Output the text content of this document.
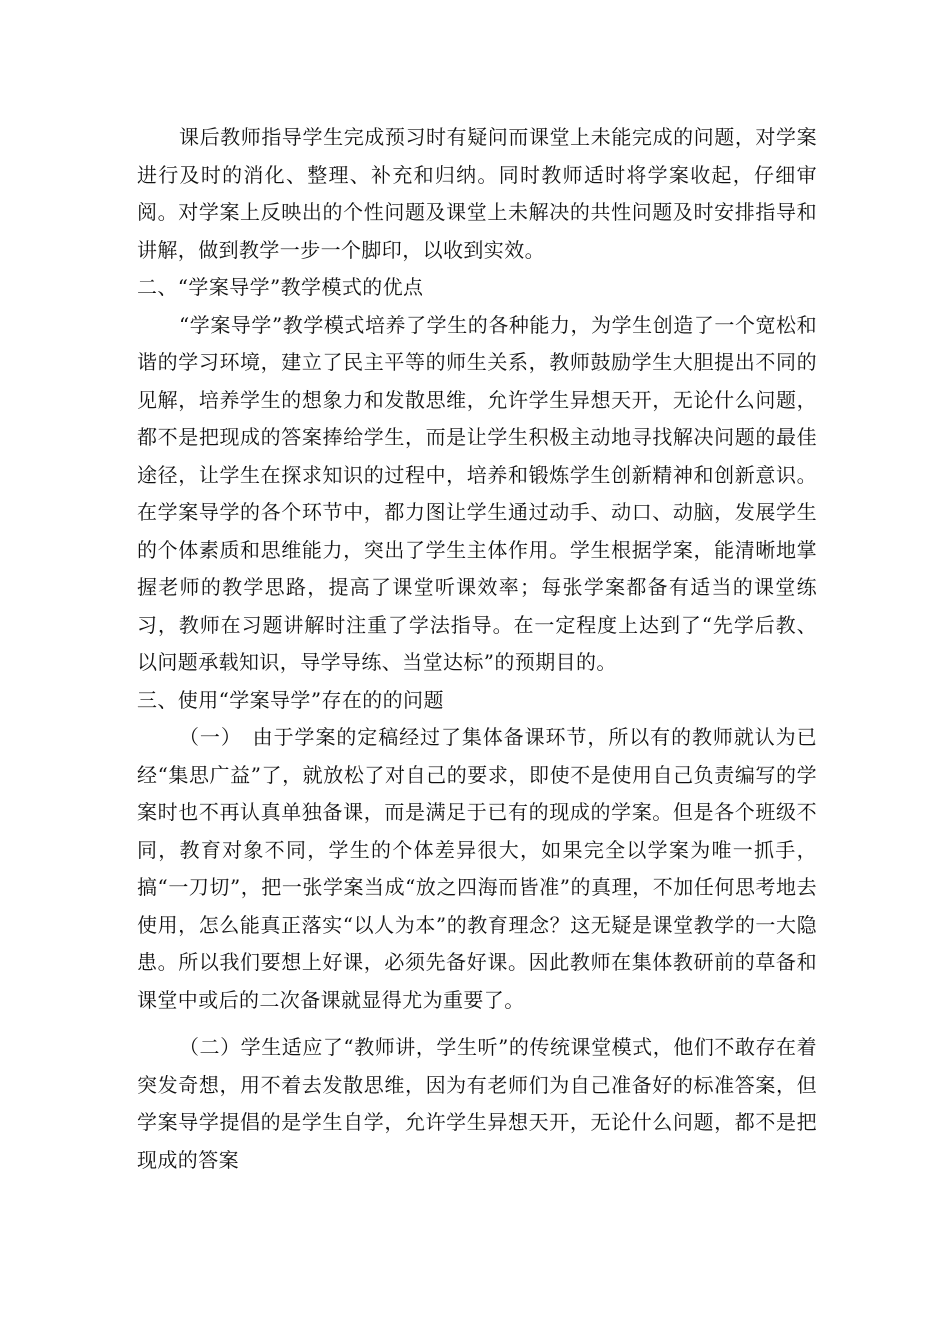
课后教师指导学生完成预习时有疑问而课堂上未能完成的问题，对学案进行及时的消化、整理、补充和归纳。同时教师适时将学案收起，仔细审阅。对学案上反映出的个性问题及课堂上未解决的共性问题及时安排指导和讲解，做到教学一步一个脚印，以收到实效。

二、“学案导学”教学模式的优点

“学案导学”教学模式培养了学生的各种能力，为学生创造了一个宽松和谐的学习环境，建立了民主平等的师生关系，教师鼓励学生大胆提出不同的见解，培养学生的想象力和发散思维，允许学生异想天开，无论什么问题，都不是把现成的答案捧给学生，而是让学生积极主动地寻找解决问题的最佳途径，让学生在探求知识的过程中，培养和锻炼学生创新精神和创新意识。在学案导学的各个环节中，都力图让学生通过动手、动口、动脑，发展学生的个体素质和思维能力，突出了学生主体作用。学生根据学案，能清晰地掌握老师的教学思路，提高了课堂听课效率；每张学案都备有适当的课堂练习，教师在习题讲解时注重了学法指导。在一定程度上达到了“先学后教、以问题承载知识，导学导练、当堂达标”的预期目的。

三、使用“学案导学”存在的的问题

（一）　由于学案的定稿经过了集体备课环节，所以有的教师就认为已经“集思广益”了，就放松了对自己的要求，即使不是使用自己负责编写的学案时也不再认真单独备课，而是满足于已有的现成的学案。但是各个班级不同，教育对象不同，学生的个体差异很大，如果完全以学案为唯一抓手，搞“一刀切”，把一张学案当成“放之四海而皆准”的真理，不加任何思考地去使用，怎么能真正落实“以人为本”的教育理念？这无疑是课堂教学的一大隐患。所以我们要想上好课，必须先备好课。因此教师在集体教研前的草备和课堂中或后的二次备课就显得尤为重要了。

（二）学生适应了“教师讲，学生听”的传统课堂模式，他们不敢存在着突发奇想，用不着去发散思维，因为有老师们为自己准备好的标准答案，但学案导学提倡的是学生自学，允许学生异想天开，无论什么问题，都不是把现成的答案
